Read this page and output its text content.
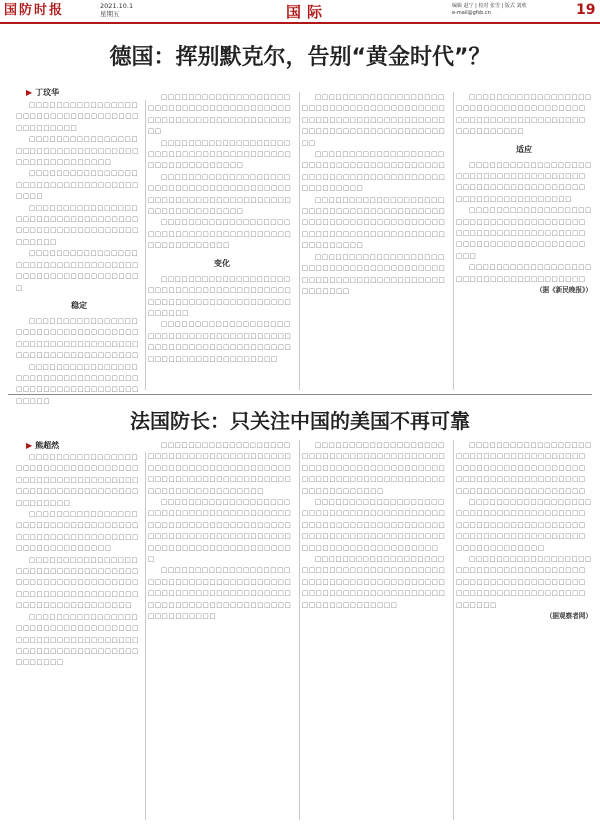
国防时报	2021.10.1
星期五	国际	编辑 赵宁 | 校对 张雪 | 版式 刘欣
e-mail@gfsb.cn	19
德国：挥别默克尔，告别“黄金时代”？
▶ 丁玟华

□□□□□□□□□□□□□□□□□□□□□□□□□□□□□□□□□□□□□□□□□□□

□□□□□□□□□□□□□□□□□□□□□□□□□□□□□□□□□□□□□□□□□□□□□□□□

□□□□□□□□□□□□□□□□□□□□□□□□□□□□□□□□□□□□□□

□□□□□□□□□□□□□□□□□□□□□□□□□□□□□□□□□□□□□□□□□□□□□□□□□□□□□□□□□□

□□□□□□□□□□□□□□□□□□□□□□□□□□□□□□□□□□□□□□□□□□□□□□□□□□□□□

稳定

□□□□□□□□□□□□□□□□□□□□□□□□□□□□□□□□□□□□□□□□□□□□□□□□□□□□□□□□□□□□□□□□□□□□□□

□□□□□□□□□□□□□□□□□□□□□□□□□□□□□□□□□□□□□□□□□□□□□□□□□□□□□□□□□

□□□□□□□□□□□□□□□□□□□□□□□□□□□□□□□□□□□□□□□□□□□□□□□□□□□□□□□□□□□□□□□

□□□□□□□□□□□□□□□□□□□□□□□□□□□□□□□□□□□□□□□□□□□□□□□□□□□□□□

□□□□□□□□□□□□□□□□□□□□□□□□□□□□□□□□□□□□□□□□□□□□□□□□□□□□□□□□□□□□□□□□□□□□□□□□□□□

□□□□□□□□□□□□□□□□□□□□□□□□□□□□□□□□□□□□□□□□□□□□□□□□□□□□

变化

□□□□□□□□□□□□□□□□□□□□□□□□□□□□□□□□□□□□□□□□□□□□□□□□□□□□□□□□□□□□□□□□□□□

□□□□□□□□□□□□□□□□□□□□□□□□□□□□□□□□□□□□□□□□□□□□□□□□□□□□□□□□□□□□□□□□□□□□□□□□□□□□□□□□

□□□□□□□□□□□□□□□□□□□□□□□□□□□□□□□□□□□□□□□□□□□□□□□□□□□□□□□□□□□□□□□□□□□□□□□□□□□□□□□□□□□□

□□□□□□□□□□□□□□□□□□□□□□□□□□□□□□□□□□□□□□□□□□□□□□□□□□□□□□□□□□□□□□□□□□□□□□

□□□□□□□□□□□□□□□□□□□□□□□□□□□□□□□□□□□□□□□□□□□□□□□□□□□□□□□□□□□□□□□□□□□□□□□□□□□□□□□□□□□□□□□□□□□

□□□□□□□□□□□□□□□□□□□□□□□□□□□□□□□□□□□□□□□□□□□□□□□□□□□□□□□□□□□□□□□□□□□□

□□□□□□□□□□□□□□□□□□□□□□□□□□□□□□□□□□□□□□□□□□□□□□□□□□□□□□□□□□□□□□□□□□

适应

□□□□□□□□□□□□□□□□□□□□□□□□□□□□□□□□□□□□□□□□□□□□□□□□□□□□□□□□□□□□□□□□□□□□□□□□□

□□□□□□□□□□□□□□□□□□□□□□□□□□□□□□□□□□□□□□□□□□□□□□□□□□□□□□□□□□□□□□□□□□□□□□□□□□□□□□

□□□□□□□□□□□□□□□□□□□□□□□□□□□□□□□□□□□□□

（据《新民晚报》）

法国防长：只关注中国的美国不再可靠
▶ 熊超然

□□□□□□□□□□□□□□□□□□□□□□□□□□□□□□□□□□□□□□□□□□□□□□□□□□□□□□□□□□□□□□□□□□□□□□□□□□□□□□

□□□□□□□□□□□□□□□□□□□□□□□□□□□□□□□□□□□□□□□□□□□□□□□□□□□□□□□□□□□□□□□□□□

□□□□□□□□□□□□□□□□□□□□□□□□□□□□□□□□□□□□□□□□□□□□□□□□□□□□□□□□□□□□□□□□□□□□□□□□□□□□□□□□□□□□□□□

□□□□□□□□□□□□□□□□□□□□□□□□□□□□□□□□□□□□□□□□□□□□□□□□□□□□□□□□□□□□□□□□□□□□□□□□□□□□□

□□□□□□□□□□□□□□□□□□□□□□□□□□□□□□□□□□□□□□□□□□□□□□□□□□□□□□□□□□□□□□□□□□□□□□□□□□□□□□□□□□□□□□□□□□□□□□□□□□□

□□□□□□□□□□□□□□□□□□□□□□□□□□□□□□□□□□□□□□□□□□□□□□□□□□□□□□□□□□□□□□□□□□□□□□□□□□□□□□□□□□□□□□□□□□□□□□□□□□□□□□□□

□□□□□□□□□□□□□□□□□□□□□□□□□□□□□□□□□□□□□□□□□□□□□□□□□□□□□□□□□□□□□□□□□□□□□□□□□□□□□□□□□□□□□□□□□□□□

□□□□□□□□□□□□□□□□□□□□□□□□□□□□□□□□□□□□□□□□□□□□□□□□□□□□□□□□□□□□□□□□□□□□□□□□□□□□□□□□□□□□□□□□□□□□□□

□□□□□□□□□□□□□□□□□□□□□□□□□□□□□□□□□□□□□□□□□□□□□□□□□□□□□□□□□□□□□□□□□□□□□□□□□□□□□□□□□□□□□□□□□□□□□□□□□□□□□□

□□□□□□□□□□□□□□□□□□□□□□□□□□□□□□□□□□□□□□□□□□□□□□□□□□□□□□□□□□□□□□□□□□□□□□□□□□□□□□□□□□□□□□□□□□□□□□□□

□□□□□□□□□□□□□□□□□□□□□□□□□□□□□□□□□□□□□□□□□□□□□□□□□□□□□□□□□□□□□□□□□□□□□□□□□□□□□□□□□□□□□□□□□□□□□□

□□□□□□□□□□□□□□□□□□□□□□□□□□□□□□□□□□□□□□□□□□□□□□□□□□□□□□□□□□□□□□□□□□□□□□□□□□□□□□□□□□□□□□□□

□□□□□□□□□□□□□□□□□□□□□□□□□□□□□□□□□□□□□□□□□□□□□□□□□□□□□□□□□□□□□□□□□□□□□□□□□□□□□□□□□

（据观察者网）
